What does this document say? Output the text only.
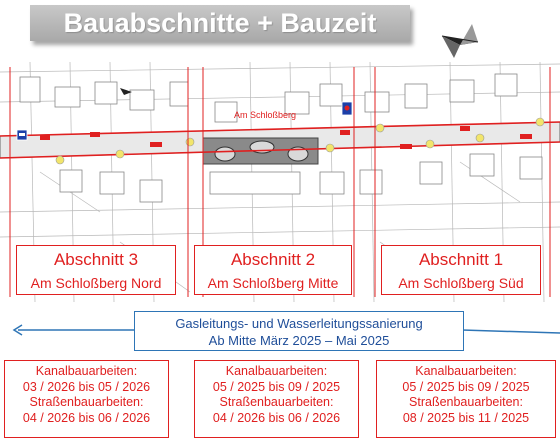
Bauabschnitte + Bauzeit
Am Schloßberg
Abschnitt 3
Am Schloßberg Nord
Abschnitt 2
Am Schloßberg Mitte
Abschnitt 1
Am Schloßberg Süd
Gasleitungs- und Wasserleitungssanierung
Ab Mitte März 2025 – Mai 2025
Kanalbauarbeiten:
03 / 2026 bis 05 / 2026
Straßenbauarbeiten:
04 / 2026 bis 06 / 2026
Kanalbauarbeiten:
05 / 2025 bis 09 / 2025
Straßenbauarbeiten:
04 / 2026 bis 06 / 2026
Kanalbauarbeiten:
05 / 2025 bis 09 / 2025
Straßenbauarbeiten:
08 / 2025 bis 11 / 2025
